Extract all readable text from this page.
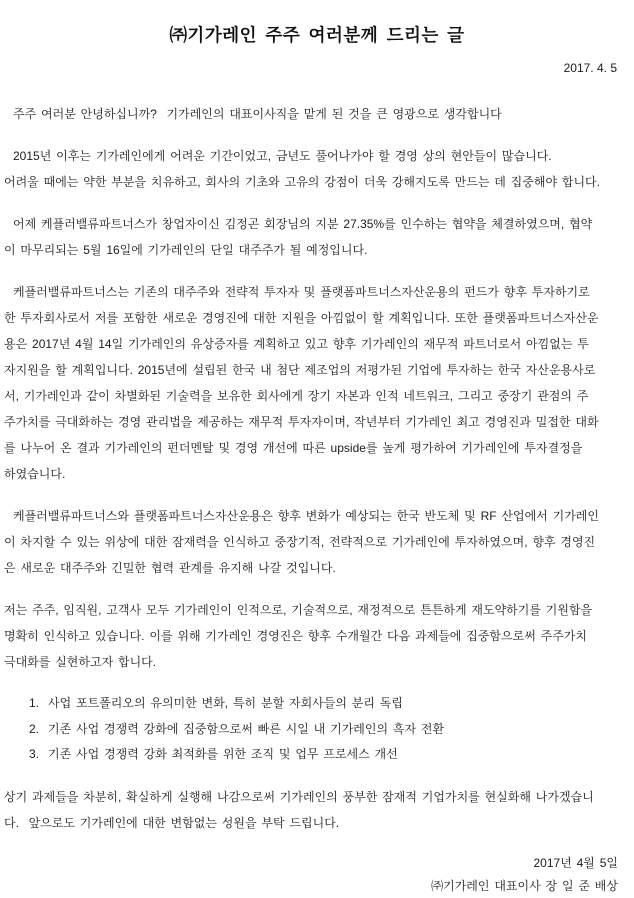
㈜기가레인 주주 여러분께 드리는 글
2017. 4. 5
주주 여러분 안녕하십니까?  기가레인의 대표이사직을 맡게 된 것을 큰 영광으로 생각합니다
2015년 이후는 기가레인에게 어려운 기간이었고, 금년도 풀어나가야 할 경영 상의 현안들이 많습니다.
어려울 때에는 약한 부분을 치유하고, 회사의 기초와 고유의 강점이 더욱 강해지도록 만드는 데 집중해야 합니다.
어제 케플러밸류파트너스가 창업자이신 김정곤 회장님의 지분 27.35%를 인수하는 협약을 체결하였으며, 협약
이 마무리되는 5월 16일에 기가레인의 단일 대주주가 될 예정입니다.
케플러밸류파트너스는 기존의 대주주와 전략적 투자자 및 플랫폼파트너스자산운용의 펀드가 향후 투자하기로
한 투자회사로서 저를 포함한 새로운 경영진에 대한 지원을 아낌없이 할 계획입니다. 또한 플랫폼파트너스자산운
용은 2017년 4월 14일 기가레인의 유상증자를 계획하고 있고 향후 기가레인의 재무적 파트너로서 아낌없는 투
자지원을 할 계획입니다. 2015년에 설립된 한국 내 첨단 제조업의 저평가된 기업에 투자하는 한국 자산운용사로
서, 기가레인과 같이 차별화된 기술력을 보유한 회사에게 장기 자본과 인적 네트워크, 그리고 중장기 관점의 주
주가치를 극대화하는 경영 관리법을 제공하는 재무적 투자자이며, 작년부터 기가레인 최고 경영진과 밀접한 대화
를 나누어 온 결과 기가레인의 펀더멘탈 및 경영 개선에 따른 upside를 높게 평가하여 기가레인에 투자결정을
하였습니다.
케플러밸류파트너스와 플랫폼파트너스자산운용은 향후 변화가 예상되는 한국 반도체 및 RF 산업에서 기가레인
이 차지할 수 있는 위상에 대한 잠재력을 인식하고 중장기적, 전략적으로 기가레인에 투자하였으며, 향후 경영진
은 새로운 대주주와 긴밀한 협력 관계를 유지해 나갈 것입니다.
저는 주주, 임직원, 고객사 모두 기가레인이 인적으로, 기술적으로, 재정적으로 튼튼하게 재도약하기를 기원함을
명확히 인식하고 있습니다. 이를 위해 기가레인 경영진은 향후 수개월간 다음 과제들에 집중함으로써 주주가치
극대화를 실현하고자 합니다.
1. 사업 포트폴리오의 유의미한 변화, 특히 분할 자회사들의 분리 독립
2. 기존 사업 경쟁력 강화에 집중함으로써 빠른 시일 내 기가레인의 흑자 전환
3. 기존 사업 경쟁력 강화 최적화를 위한 조직 및 업무 프로세스 개선
상기 과제들을 차분히, 확실하게 실행해 나감으로써 기가레인의 풍부한 잠재적 기업가치를 현실화해 나가겠습니
다.  앞으로도 기가레인에 대한 변함없는 성원을 부탁 드립니다.
2017년 4월 5일
㈜기가레인 대표이사 장 일 준 배상
